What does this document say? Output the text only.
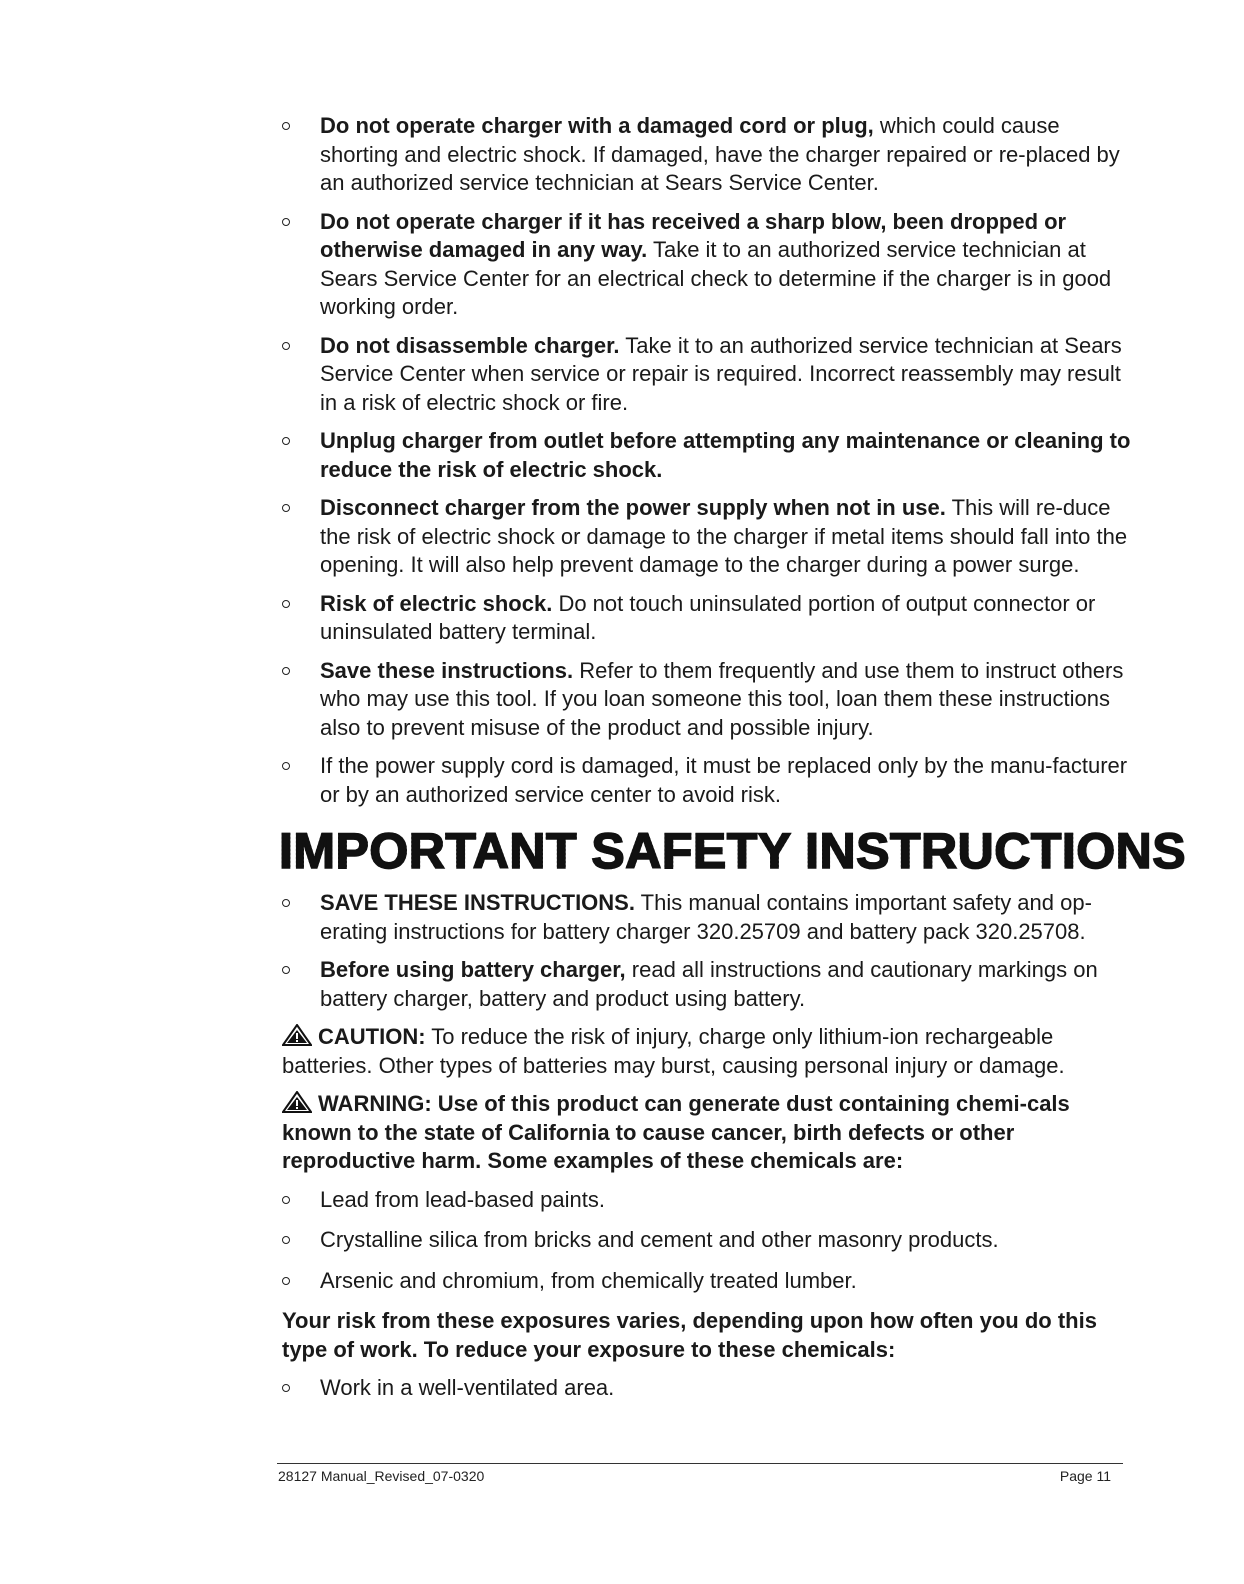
Do not operate charger with a damaged cord or plug, which could cause shorting and electric shock. If damaged, have the charger repaired or re-placed by an authorized service technician at Sears Service Center.
Do not operate charger if it has received a sharp blow, been dropped or otherwise damaged in any way. Take it to an authorized service technician at Sears Service Center for an electrical check to determine if the charger is in good working order.
Do not disassemble charger. Take it to an authorized service technician at Sears Service Center when service or repair is required. Incorrect reassembly may result in a risk of electric shock or fire.
Unplug charger from outlet before attempting any maintenance or cleaning to reduce the risk of electric shock.
Disconnect charger from the power supply when not in use. This will re-duce the risk of electric shock or damage to the charger if metal items should fall into the opening. It will also help prevent damage to the charger during a power surge.
Risk of electric shock. Do not touch uninsulated portion of output connector or uninsulated battery terminal.
Save these instructions. Refer to them frequently and use them to instruct others who may use this tool. If you loan someone this tool, loan them these instructions also to prevent misuse of the product and possible injury.
If the power supply cord is damaged, it must be replaced only by the manu-facturer or by an authorized service center to avoid risk.
IMPORTANT SAFETY INSTRUCTIONS
SAVE THESE INSTRUCTIONS. This manual contains important safety and op-erating instructions for battery charger 320.25709 and battery pack 320.25708.
Before using battery charger, read all instructions and cautionary markings on battery charger, battery and product using battery.

CAUTION: To reduce the risk of injury, charge only lithium-ion rechargeable batteries. Other types of batteries may burst, causing personal injury or damage.

WARNING: Use of this product can generate dust containing chemi-cals known to the state of California to cause cancer, birth defects or other reproductive harm. Some examples of these chemicals are:

Lead from lead-based paints.
Crystalline silica from bricks and cement and other masonry products.
Arsenic and chromium, from chemically treated lumber.

Your risk from these exposures varies, depending upon how often you do this type of work. To reduce your exposure to these chemicals:

Work in a well-ventilated area.
28127 Manual_Revised_07-0320	Page 11
